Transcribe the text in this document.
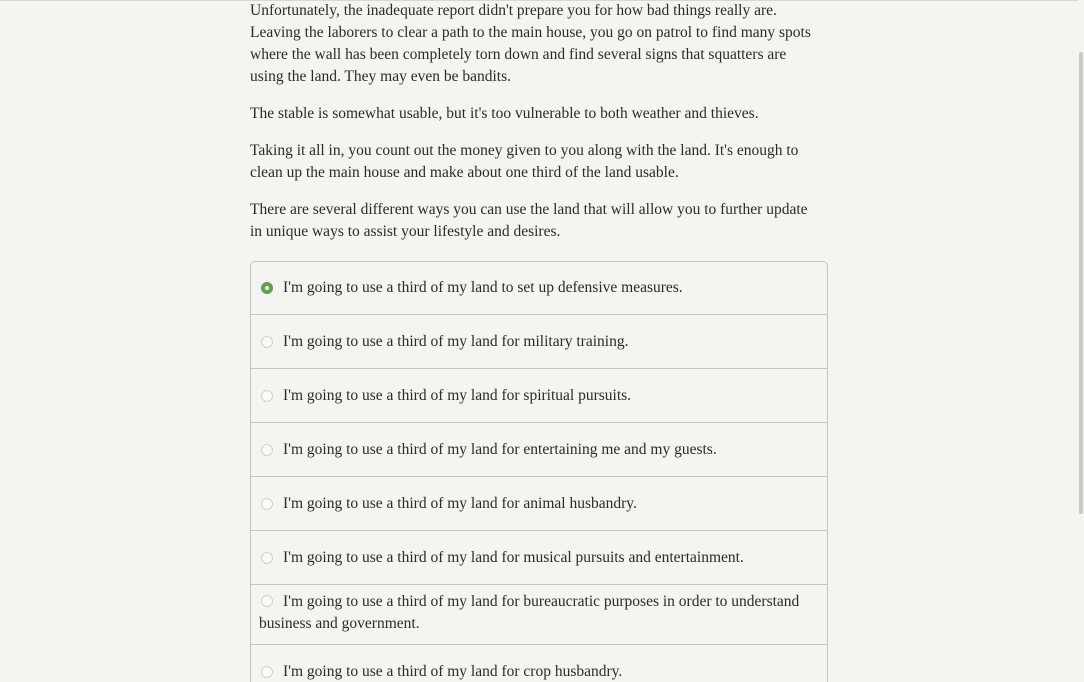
Unfortunately, the inadequate report didn't prepare you for how bad things really are. Leaving the laborers to clear a path to the main house, you go on patrol to find many spots where the wall has been completely torn down and find several signs that squatters are using the land. They may even be bandits.

The stable is somewhat usable, but it's too vulnerable to both weather and thieves.

Taking it all in, you count out the money given to you along with the land. It's enough to clean up the main house and make about one third of the land usable.

There are several different ways you can use the land that will allow you to further update in unique ways to assist your lifestyle and desires.

I'm going to use a third of my land to set up defensive measures.
I'm going to use a third of my land for military training.
I'm going to use a third of my land for spiritual pursuits.
I'm going to use a third of my land for entertaining me and my guests.
I'm going to use a third of my land for animal husbandry.
I'm going to use a third of my land for musical pursuits and entertainment.
I'm going to use a third of my land for bureaucratic purposes in order to understand business and government.
I'm going to use a third of my land for crop husbandry.
